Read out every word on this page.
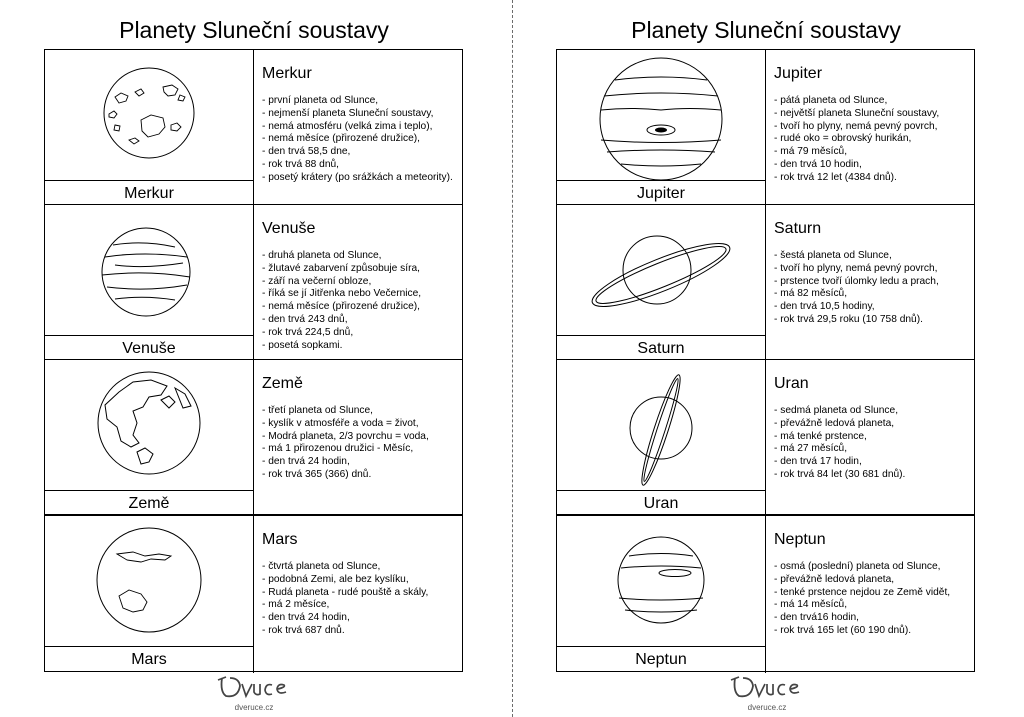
Planety Sluneční soustavy
Merkur
Merkur
- první planeta od Slunce,
- nejmenší planeta Sluneční soustavy,
- nemá atmosféru (velká zima i teplo),
- nemá měsíce (přirozené družice),
- den trvá 58,5 dne,
- rok trvá 88 dnů,
- posetý krátery (po srážkách a meteority).
Venuše
Venuše
- druhá planeta od Slunce,
- žlutavé zabarvení způsobuje síra,
- září na večerní obloze,
- říká se jí Jitřenka nebo Večernice,
- nemá měsíce (přirozené družice),
- den trvá 243 dnů,
- rok trvá 224,5 dnů,
- posetá sopkami.
Země
Země
- třetí planeta od Slunce,
- kyslík v atmosféře a voda = život,
- Modrá planeta, 2/3 povrchu = voda,
- má 1 přirozenou družici - Měsíc,
- den trvá 24 hodin,
- rok trvá 365 (366) dnů.
Mars
Mars
- čtvrtá planeta od Slunce,
- podobná Zemi, ale bez kyslíku,
- Rudá planeta - rudé pouště a skály,
- má 2 měsíce,
- den trvá 24 hodin,
- rok trvá 687 dnů.
dveruce.cz
Planety Sluneční soustavy
Jupiter
Jupiter
- pátá planeta od Slunce,
- největší planeta Sluneční soustavy,
- tvoří ho plyny, nemá pevný povrch,
- rudé oko = obrovský hurikán,
- má 79 měsíců,
- den trvá 10 hodin,
- rok trvá 12 let (4384 dnů).
Saturn
Saturn
- šestá planeta od Slunce,
- tvoří ho plyny, nemá pevný povrch,
- prstence tvoří úlomky ledu a prach,
- má 82 měsíců,
- den trvá 10,5 hodiny,
- rok trvá 29,5 roku (10 758 dnů).
Uran
Uran
- sedmá planeta od Slunce,
- převážně ledová planeta,
- má tenké prstence,
- má 27 měsíců,
- den trvá 17 hodin,
- rok trvá 84 let (30 681 dnů).
Neptun
Neptun
- osmá (poslední) planeta od Slunce,
- převážně ledová planeta,
- tenké prstence nejdou ze Země vidět,
- má 14 měsíců,
- den trvá16 hodin,
- rok trvá 165 let (60 190 dnů).
dveruce.cz
